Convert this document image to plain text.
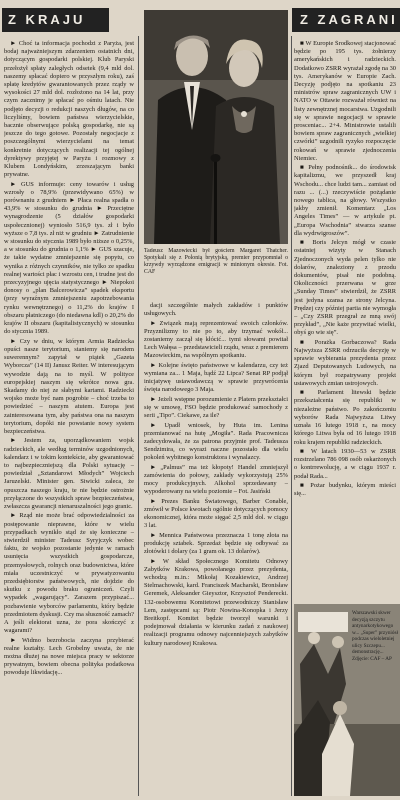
Z KRAJU	Z ZAGRANI

► Choć ta informacja pochodzi z Paryża, jest bodaj najważniejszym zdarzeniem ostatnich dni, dotyczącym gospodarki polskiej. Klub Paryski przełożył spłaty zaległych odsetek (9,4 mld dol. naszemy spłacać dopiero w przyszłym roku), zaś spłatę kredytów gwarantowanych przez rządy w wysokości 27 mld dol. rozłożono na 14 lat, przy czym zacznimy je spłacać po ośmiu latach. Nie podjęto decyzji o redukcji naszych długów, na co liczyliśmy, bowiem państwa wierzycielskie, bacznie obserwujące polską gospodarkę, nie są jeszcze do tego gotowe. Pozostały negocjacje z poszczególnymi wierzycielami na temat konkretnie dotyczących realizacji tej ogólnej dyrektywy przyjętej w Paryżu i rozmowy z Klubem Londyńskim, zrzeszającym banki prywatne.

► GUS informuje: ceny towarów i usług wzrosły o 78,9% (przewidywano 65%) w porównaniu z grudniem ► Płaca realna spadła o 43,9% w stosunku do grudnia ► Przeciętne wynagrodzenie (5 działów gospodarki uspołecznionej) wyniosło 516,9 tys. zł i było wyższe o 7,8 tys. zł niż w grudniu ► Zatrudnienie w stosunku do stycznia 1989 było niższe o 0,25%, a w stosunku do grudnia o 1,1% ► GUS szacuje, że takie wydatne zmniejszenie się popytu, co wynika z różnych czynników, nie tylko ze spadku realnej wartości płac i wzrostu cen, i trudne jest do przecyzyjnego ujęcia statystycznego ► Niepokoi donosy o „plan Balcerowicza” spadek eksportu (przy wyraźnym zmniejszeniu zapotrzebowania rynku wewnętrznego) o 11,2% do krajów I obszaru płatniczego (do niedawna kdl) o 20,2% do krajów II obszaru (kapitalistycznych) w stosunku do stycznia 1989.

► Czy w dniu, w którym Armia Radziecka opuści nasze terytorium, staniemy się narodem suwerennym? zapytał w piątek „Gazeta Wyborcza” (14 II) Janusz Reiter. W interesującym wywodzie dają na to myśl. W polityce europejskiej naszym się wkrótce nowa gra. Skadamy do niej ze słabymi kartami. Radziecki wojsko może być nam pogrobie – choć trzeba to powiedzieć – naszym atutem. Europa jest zainteresowana tym, aby państwa ona na naszym terytorium, dopóki nie powstanie nowy system bezpieczeństwa.

► Jestem za, uporządkowaniem wojsk radzieckich, ale według terminów uzgodnionych, kalendarz i w tokim kontekście, aby gwarantować to najbezpieczniejszą dla Polski sytuację – powiedział „Sztandarowi Młodych” Wojciech Jaruzelski. Minister gen. Siwicki zaleca, że opuszcza naszego kraju, te nie będzie ostrożnie przyłączone do wszystkich spraw bezpieczeństwa, zwłaszcza gwarancji nienaruszalności jego granic.

► Rząd nie może brać odpowiedzialności za postępowanie nieprawne, które w wielu przypadkach wynikło stąd że się konieczne – stwierdził minister Tadeusz Syryjczyk wobec faktu, że wojsko pozostanie jedynie w ramach usunięcia wszystkich gospodarcze, przemysłowych, rolnych oraz budownictwa, które miała uczestniczyć w prywatyzowaniu przedsiębiorstw państwowych, nie dojdzie do skutku z powodu braku ograniczeń. Czyli wypadek „wagarujący”. Zarazem przypiszać... pozbawienie wyborców parlamentu, który będzie przedmiotem dyskusji. Czy ma słuszność zamach? A jeśli elektorat uzna, że pora skończyć z wagarami?

► Widmo bezrobocia zaczyna przybierać realne kształty. Lech Grobelny uważa, że nie można dłużej na nowe miejsca pracy w sektorze prywatnym, bowiem obecna polityka podatkowa powoduje likwidację...

Tadeusz Mazowiecki był gościem Margaret Thatcher. Spotykali się z Polonią brytyjską, premier przypomniał o krzywdy wyrządzone emigracji w minionym okresie. Fot. CAF

dacji szczególnie małych zakładów i punktów usługowych.

► Związek mają reprezentować swoich członków. Przyznilizmy to nie po to, aby trzymać wokół... zostaniemy zaczął się kłócić... tymi słowami powitał Lech Wałęsa – przedstawicieli rządu, wraz z premierem Mazowieckim, na wspólnym spotkaniu.

► Kolejne święto państwowe w kalendarzu, czy też wymiana za... 1 Maja, bądź 22 Lipca? Senat RP podjął inicjatywę ustawodawczą w sprawie przywrócenia święta narodowego 3 Maja.

► Jeżeli wstępne porozumienie z Platem przekształci się w umowę, FSO będzie produkować samochody z serii „Tipo”. Ciekawe, za ile?

► Upadł wniosek, by Huta im. Lenina przemianować na hutę „Mogiła”. Rada Pracownicza zadecydowała, że za patrona przyjmie prof. Tadeusza Sendzimira, co wyrazi naczne pozostało dla wielu pokoleń wybitnego konstruktora i wynalazcy.

► „Palmus” ma też kłopoty! Handel zmniejszył zamówienia do połowy, zakłady wykorzystują 25% mocy produkcyjnych. Alkohol sprzedawany – wypoderowany na wielu poziomie – Fot. Jasiński

► Prezes Banku Światowego, Barber Conable, zmówił w Polsce kwotach ogólnie dotyczących pomocy ekonomicznej, która może sięgać 2,5 mld dol. w ciągu 3 lat.

► Mennica Państwowa przeznacza 1 tonę złota na produkcję sztabek. Sprzedaż będzie się odbywać za złotówki i dolary (za 1 gram ok. 13 dolarów).

► W skład Społecznego Komitetu Odnowy Zabytków Krakowa, powołanego przez prezydenta, wchodzą m.in.: Mikołaj Kozakiewicz, Andrzej Stelmachowski, kard. Franciszek Macharski, Bronisław Geremek, Aleksander Gieysztor, Krzysztof Penderecki. 132-osobowemu Komitetowi przewodniczy Stanisław Lem, zastępcami są: Piotr Nowina-Konopka i Jerzy Breitkopf. Komitet będzie tworzył warunki i podejmował działania w kierunku zadań z naukowej realizacji programu odnowy najcenniejszych zabytków kultury narodowej Krakowa.

■ W Europie Środkowej stacjonować będzie po 195 tys. żołnierzy amerykańskich i radzieckich. Dodatkowo ZSRR wyrażał zgodę na 30 tys. Amerykanów w Europie Zach. Decyzję podjęto na spotkaniu 23 ministrów spraw zagranicznych UW i NATO w Ottawie rozważał również na listy zewnętrznej mocarstwa. Uzgodnili się w sprawie negocjacji w sprawie prosceniac... 2+4. Ministrowie ustalili bowiem spraw zagranicznych „wielkiej czwórki” uzgodnili ryzyko rozpoczęcie rokowań w sprawie zjednoczenia Niemiec.

■ Pełny podnośnik... do środowisk kapitalizmu, we przyszedł kraj Wschodu... chce ludzi tam... zamiast od razu ... (...) rzeczywiście pożądanie nowego tablica, na głowy. Wszystko jakby zmienił. Komentarz „Los Angeles Times” — w artykule pt. „Europa Wschodnia” stwarza szanse dla wydrwigroszów”.

■ Boris Jelcyn mógł w czasie ostatniej wizyty w Stanach Zjednoczonych wyda pelen tylko nie dolarów, znaleziony z przodu dokumentów, pisał nie podobną. Okoliczności przerwana w grze „Sunday Times” stwierdził, że ZSRR jest jedyna szansa ze strony Jelcyna. Prędzej czy później partia nie wymogła – „Czy ZSRR przegrał ze mną swój przykład”, „Nie każe przywitać wielki, obyś go wie się”.

■ Porażka Gorbaczowa? Rada Najwyższa ZSRR odrzuciła decyzję w sprawie wybierania prezydenta przez Zjazd Deputowanych Ludowych, na którym był rozpatrywany projekt ustawowych zmian ustrojowych.

■ Parlament litewski będzie przekształcenia się republiki w niezależne państwo. Po zakończeniu wyborów Rada Najwyższa Litwy uznała 16 lutego 1918 r., na mocy którego Litwa była od 16 lutego 1918 roku krajem republiki radzieckich.

■ W latach 1930—53 w ZSRR rozstrzelano 786 098 osób oskarżonych o kontrrewolucję, a w ciągu 1937 r. podał Rada...

■ Pożar budynku, którym mieści się...

Warszawski skwer decyzją szczytu antynarkotykowego w... „Super” przyniósł podczas wieloletniej ulicy Szczepu... demonstrację... Zdjęcie: CAF – AP
